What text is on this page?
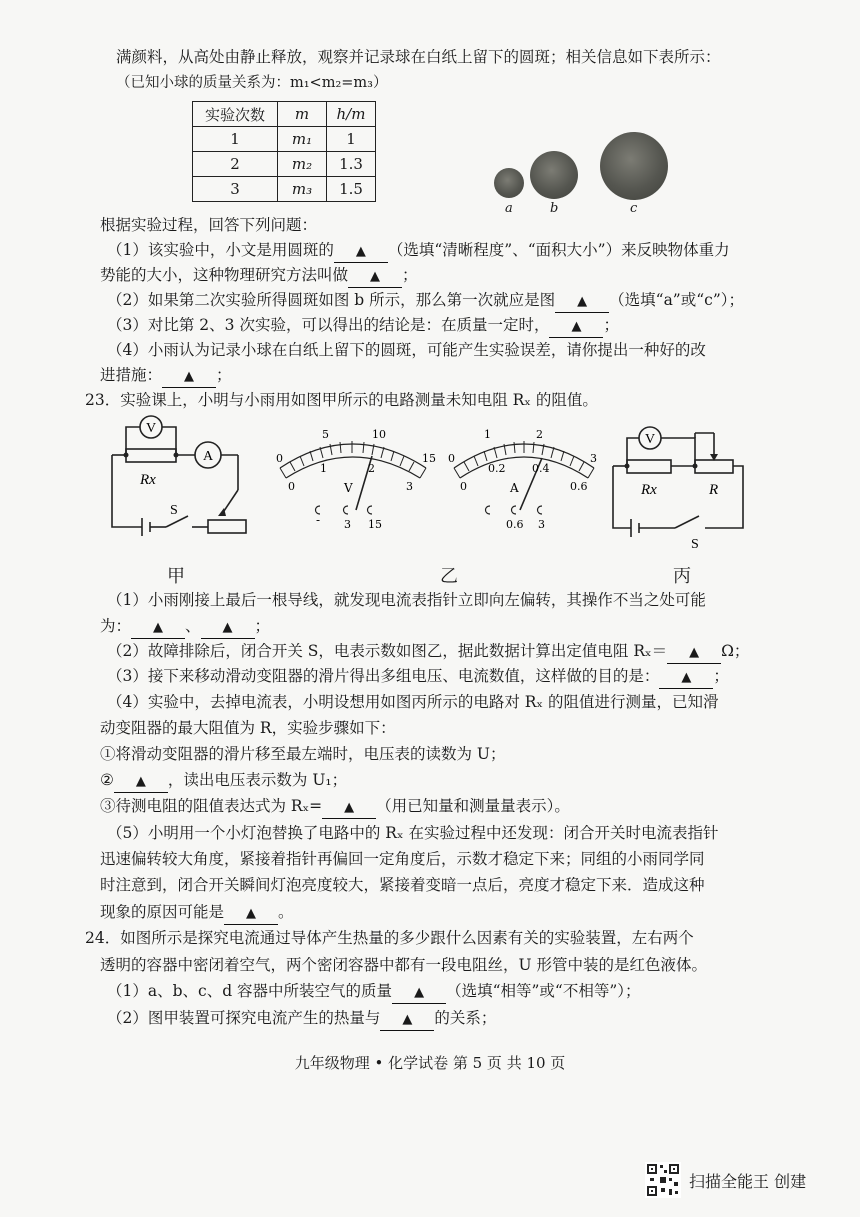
满颜料，从高处由静止释放，观察并记录球在白纸上留下的圆斑；相关信息如下表所示：
（已知小球的质量关系为：m₁<m₂=m₃）
实验次数	m	h/m
1	m₁	1
2	m₂	1.3
3	m₃	1.5
a	b	c
根据实验过程，回答下列问题：
（1）该实验中，小文是用圆斑的 ▲ （选填“清晰程度”、“面积大小”）来反映物体重力
势能的大小，这种物理研究方法叫做 ▲ ；
（2）如果第二次实验所得圆斑如图 b 所示，那么第一次就应是图 ▲ （选填“a”或“c”）；
（3）对比第 2、3 次实验，可以得出的结论是：在质量一定时， ▲ ；
（4）小雨认为记录小球在白纸上留下的圆斑，可能产生实验误差，请你提出一种好的改
进措施： ▲ ；
23．实验课上，小明与小雨用如图甲所示的电路测量未知电阻 Rₓ 的阻值。
V
A
Rx
S
0
5	10
15
0
1	2
3
V
- 3 15
0
1	2
3
0
0.2 0.4
0.6
A
0.6 3
V
Rx	R
S
甲	乙	丙
（1）小雨刚接上最后一根导线，就发现电流表指针立即向左偏转，其操作不当之处可能
为： ▲ 、 ▲ ；
（2）故障排除后，闭合开关 S，电表示数如图乙，据此数据计算出定值电阻 Rₓ＝ ▲ Ω；
（3）接下来移动滑动变阻器的滑片得出多组电压、电流数值，这样做的目的是： ▲ ；
（4）实验中，去掉电流表，小明设想用如图丙所示的电路对 Rₓ 的阻值进行测量，已知滑
动变阻器的最大阻值为 R，实验步骤如下：
①将滑动变阻器的滑片移至最左端时，电压表的读数为 U；
② ▲ ，读出电压表示数为 U₁；
③待测电阻的阻值表达式为 Rₓ= ▲ （用已知量和测量量表示）。
（5）小明用一个小灯泡替换了电路中的 Rₓ 在实验过程中还发现：闭合开关时电流表指针
迅速偏转较大角度，紧接着指针再偏回一定角度后，示数才稳定下来；同组的小雨同学同
时注意到，闭合开关瞬间灯泡亮度较大，紧接着变暗一点后，亮度才稳定下来．造成这种
现象的原因可能是 ▲ 。
24．如图所示是探究电流通过导体产生热量的多少跟什么因素有关的实验装置，左右两个
透明的容器中密闭着空气，两个密闭容器中都有一段电阻丝，U 形管中装的是红色液体。
（1）a、b、c、d 容器中所装空气的质量 ▲ （选填“相等”或“不相等”）；
（2）图甲装置可探究电流产生的热量与 ▲ 的关系；
九年级物理 • 化学试卷 第 5 页 共 10 页
扫描全能王 创建
